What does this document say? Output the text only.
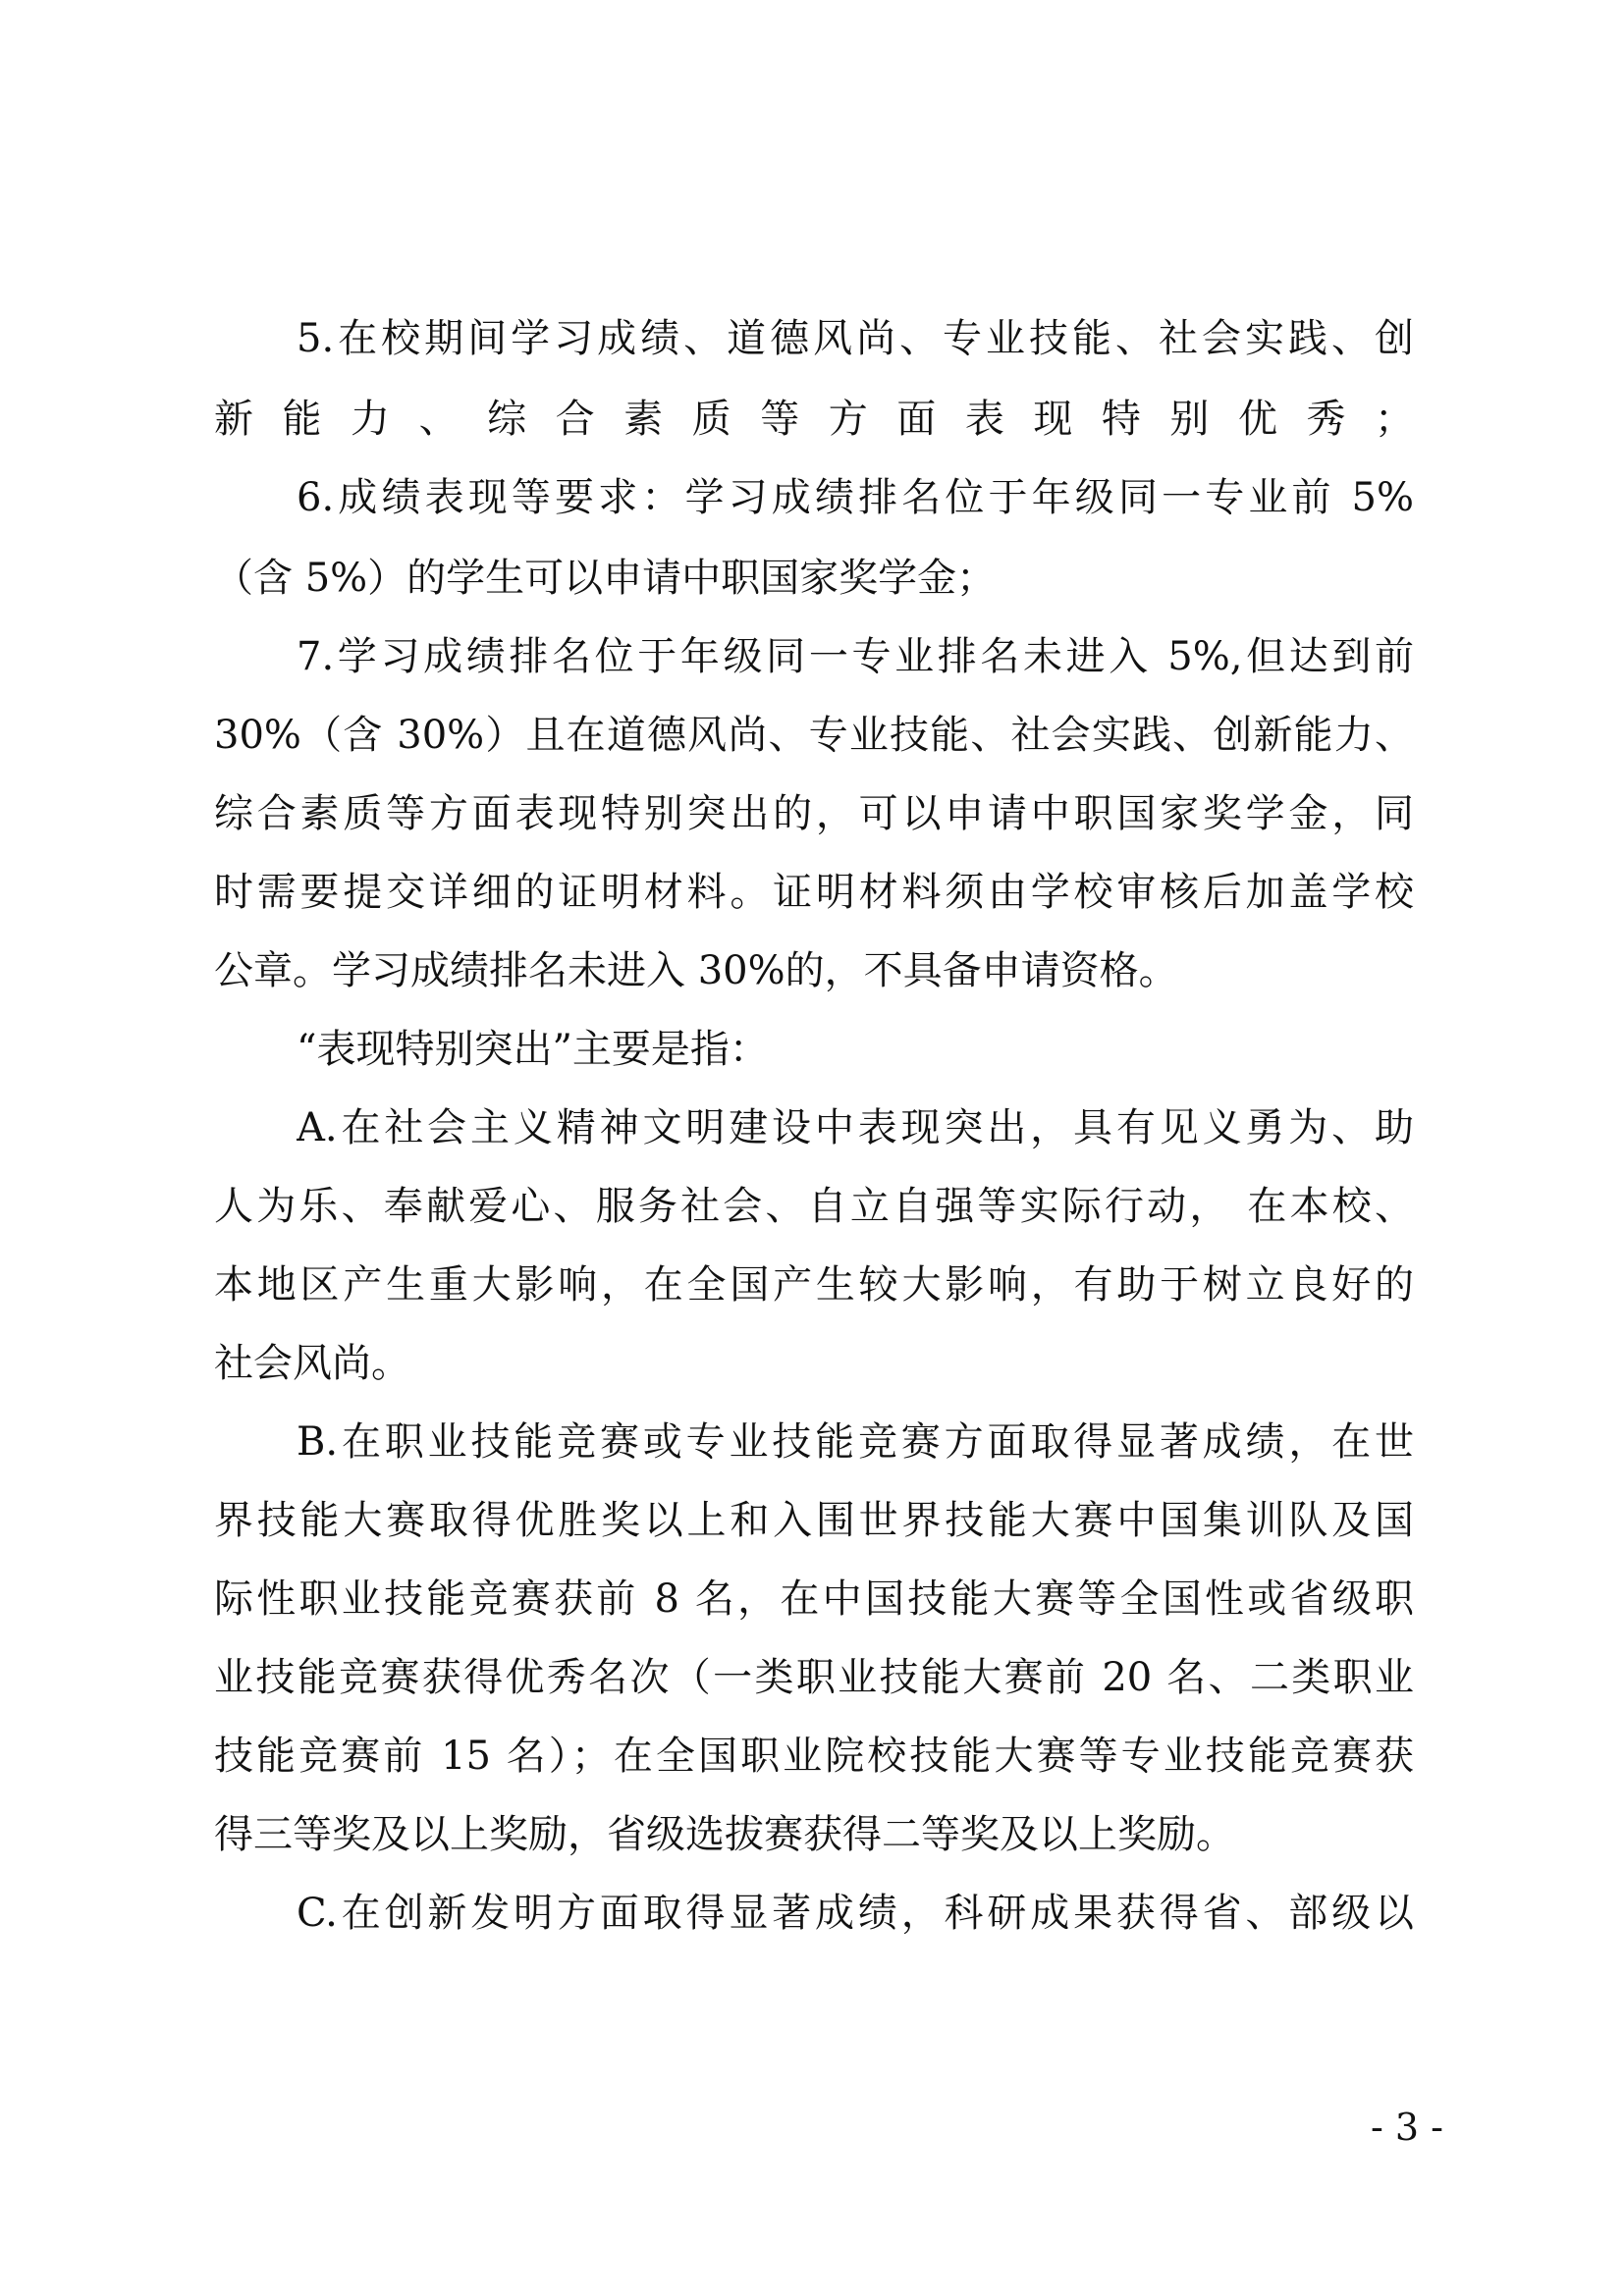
5.在校期间学习成绩、道德风尚、专业技能、社会实践、创
新能力、综合素质等方面表现特别优秀；
6.成绩表现等要求：学习成绩排名位于年级同一专业前 5%
（含 5%）的学生可以申请中职国家奖学金；
7.学习成绩排名位于年级同一专业排名未进入 5%,但达到前
30%（含 30%）且在道德风尚、专业技能、社会实践、创新能力、
综合素质等方面表现特别突出的，可以申请中职国家奖学金，同
时需要提交详细的证明材料。证明材料须由学校审核后加盖学校
公章。学习成绩排名未进入 30%的，不具备申请资格。
“表现特别突出”主要是指：
A.在社会主义精神文明建设中表现突出，具有见义勇为、助
人为乐、奉献爱心、服务社会、自立自强等实际行动， 在本校、
本地区产生重大影响，在全国产生较大影响，有助于树立良好的
社会风尚。
B.在职业技能竞赛或专业技能竞赛方面取得显著成绩，在世
界技能大赛取得优胜奖以上和入围世界技能大赛中国集训队及国
际性职业技能竞赛获前 8 名，在中国技能大赛等全国性或省级职
业技能竞赛获得优秀名次（一类职业技能大赛前 20 名、二类职业
技能竞赛前 15 名）；在全国职业院校技能大赛等专业技能竞赛获
得三等奖及以上奖励，省级选拔赛获得二等奖及以上奖励。
C.在创新发明方面取得显著成绩，科研成果获得省、部级以
- 3 -
